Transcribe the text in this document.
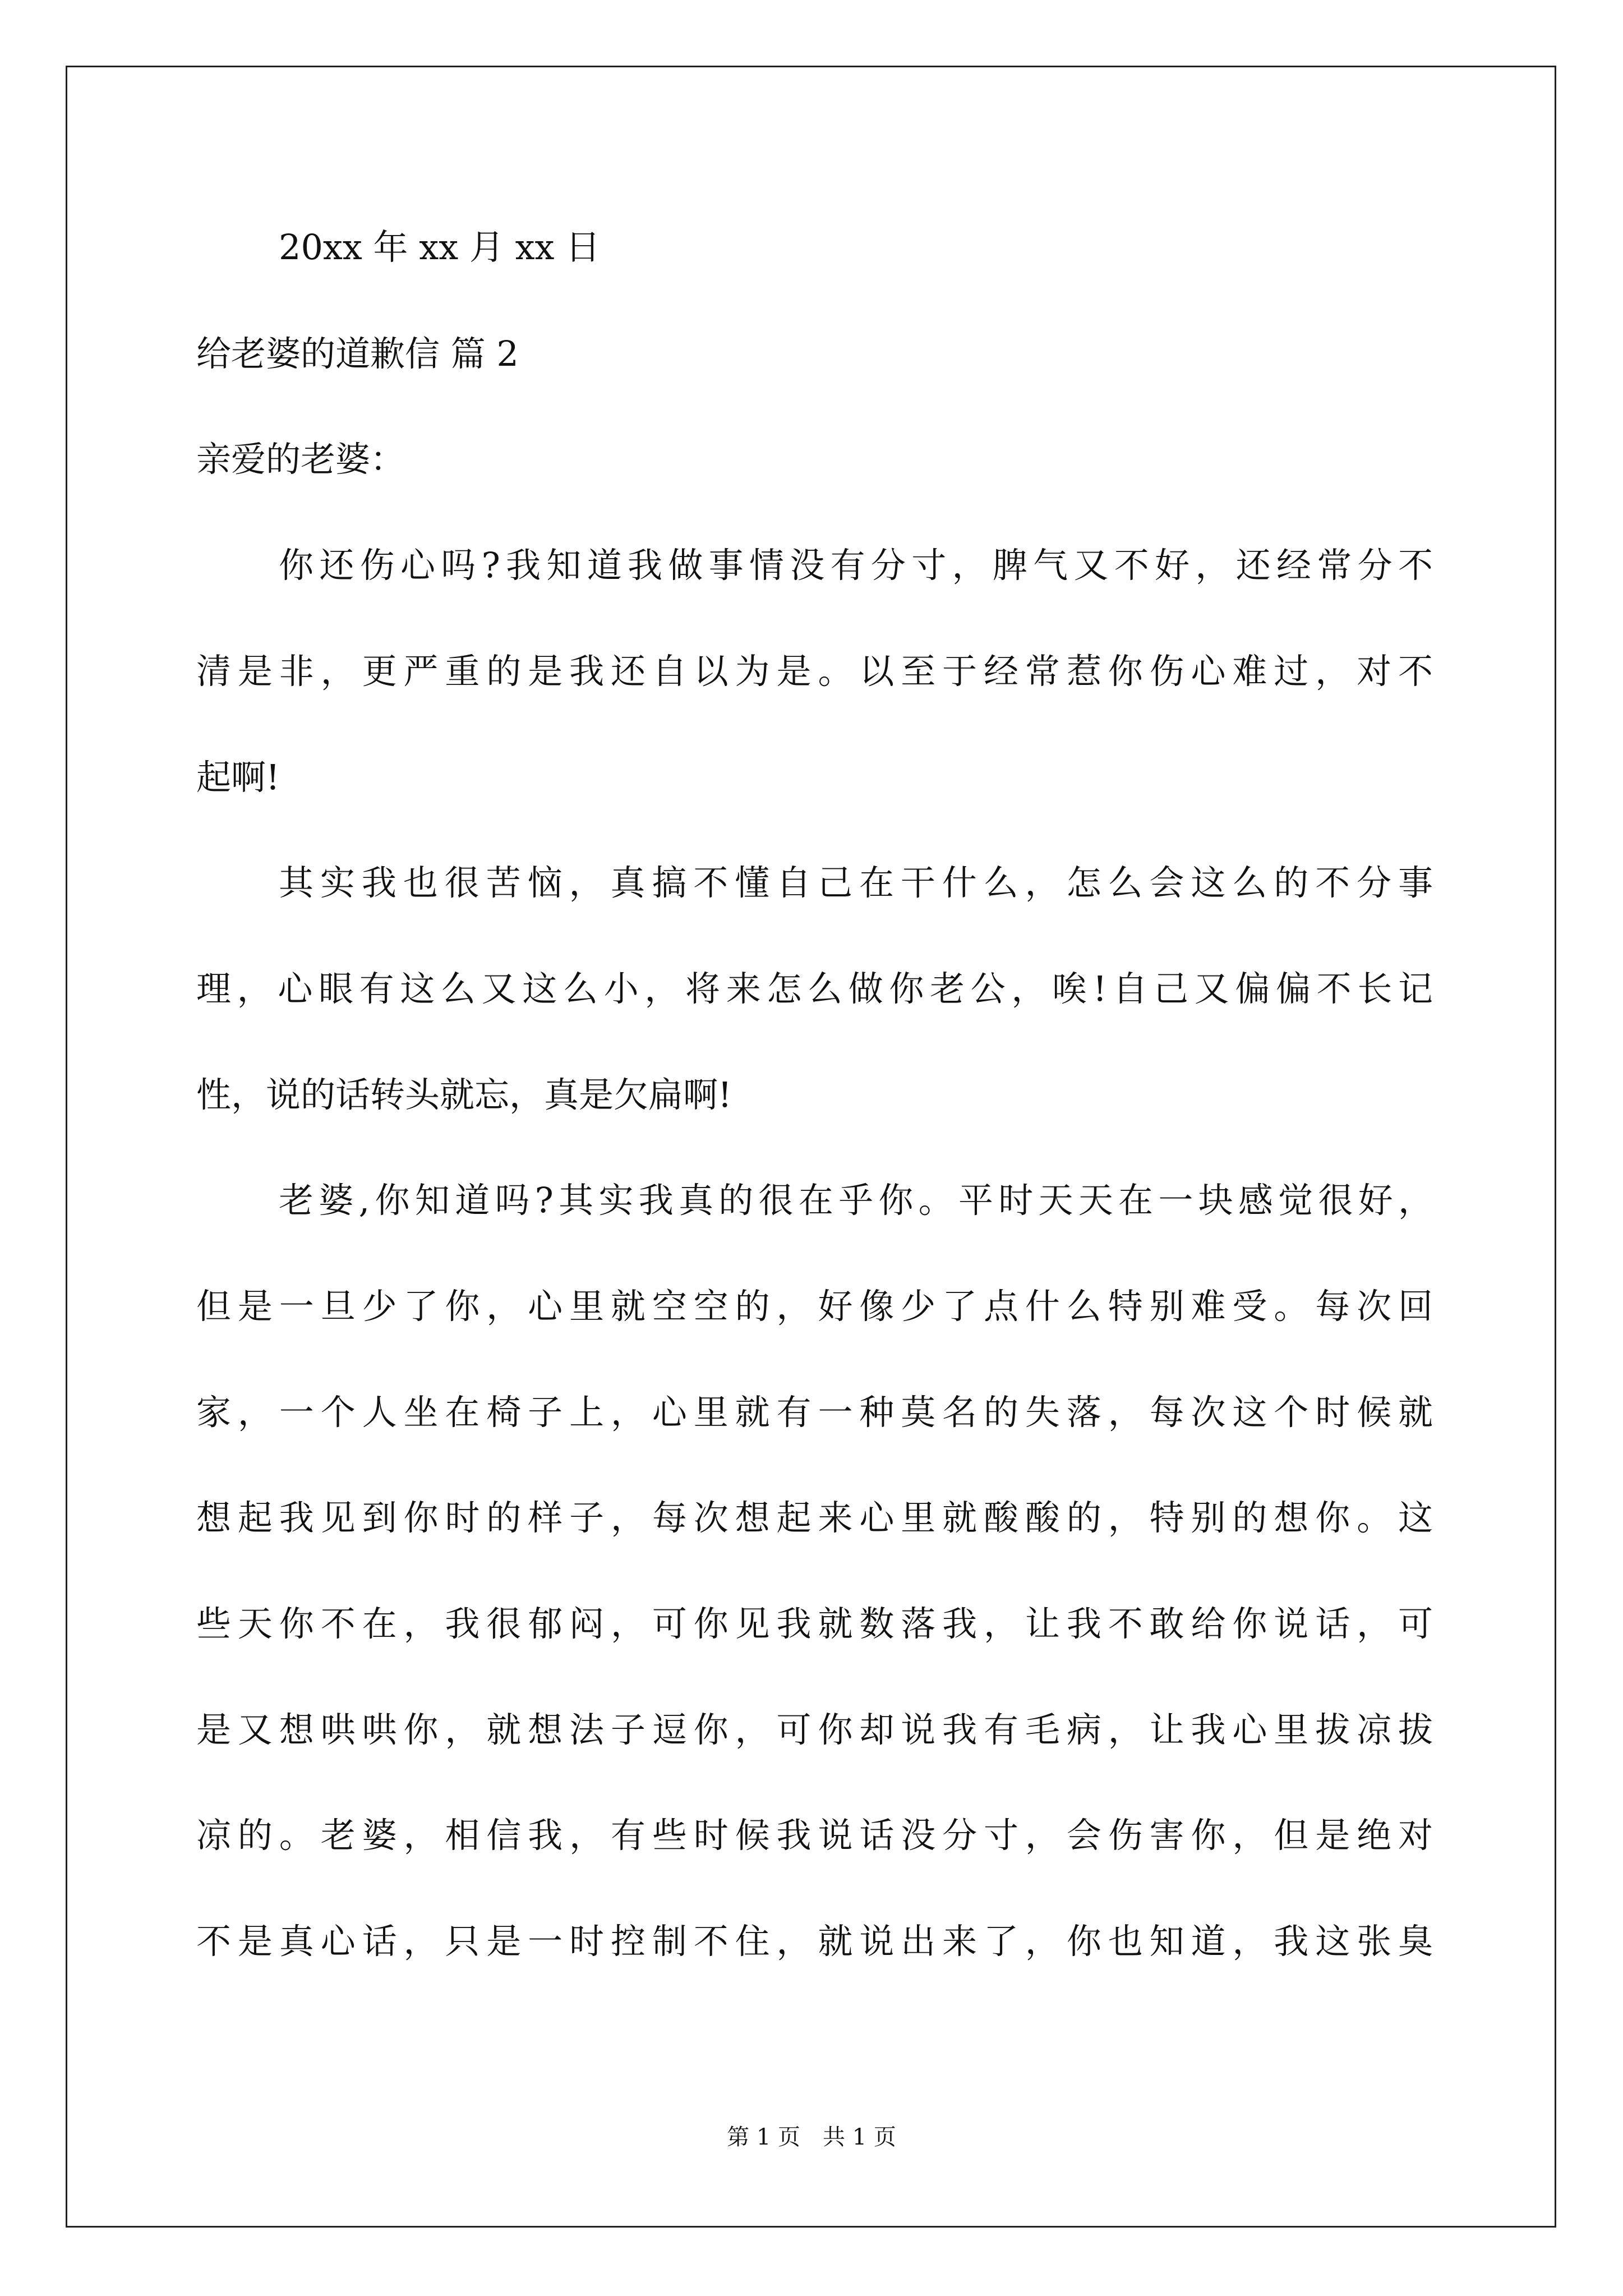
20xx 年 xx 月 xx 日
给老婆的道歉信 篇 2
亲爱的老婆：
你还伤心吗?我知道我做事情没有分寸，脾气又不好，还经常分不
清是非，更严重的是我还自以为是。以至于经常惹你伤心难过，对不
起啊!
其实我也很苦恼，真搞不懂自己在干什么，怎么会这么的不分事
理，心眼有这么又这么小，将来怎么做你老公，唉!自己又偏偏不长记
性，说的话转头就忘，真是欠扁啊!
老婆,你知道吗?其实我真的很在乎你。平时天天在一块感觉很好，
但是一旦少了你，心里就空空的，好像少了点什么特别难受。每次回
家，一个人坐在椅子上，心里就有一种莫名的失落，每次这个时候就
想起我见到你时的样子，每次想起来心里就酸酸的，特别的想你。这
些天你不在，我很郁闷，可你见我就数落我，让我不敢给你说话，可
是又想哄哄你，就想法子逗你，可你却说我有毛病，让我心里拔凉拔
凉的。老婆，相信我，有些时候我说话没分寸，会伤害你，但是绝对
不是真心话，只是一时控制不住，就说出来了，你也知道，我这张臭
第 1 页　共 1 页
